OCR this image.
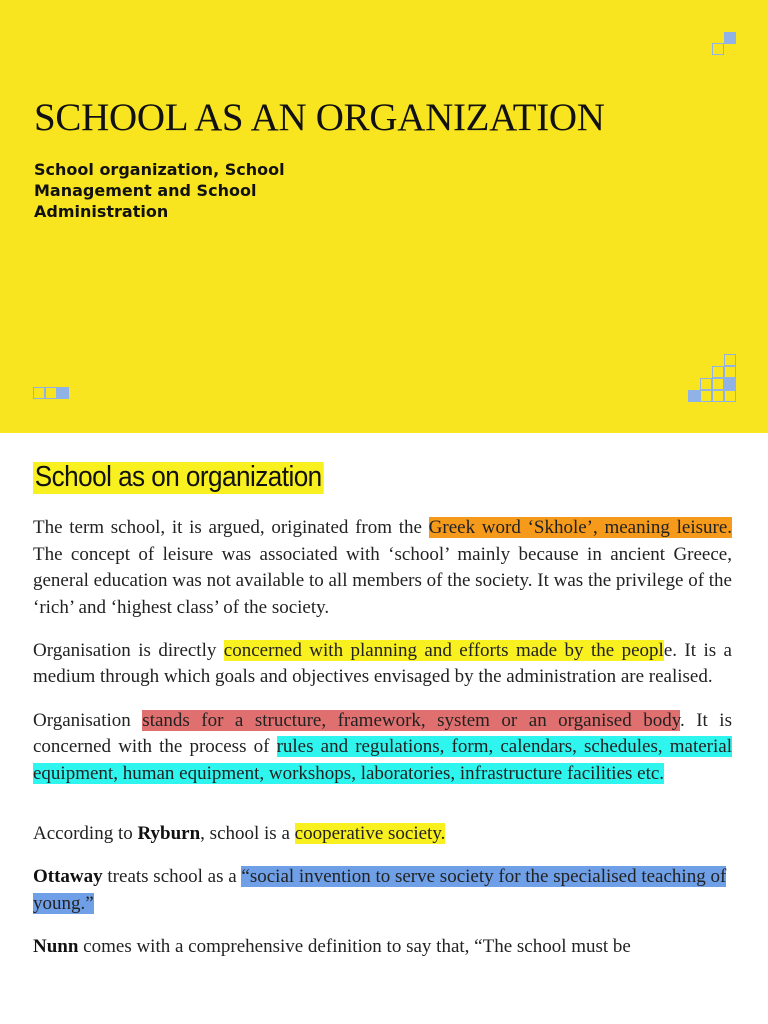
SCHOOL AS AN ORGANIZATION

School organization, School Management and School Administration

School as on organization

The term school, it is argued, originated from the Greek word ‘Skhole’, meaning leisure. The concept of leisure was associated with ‘school’ mainly because in ancient Greece, general education was not available to all members of the society. It was the privilege of the ‘rich’ and ‘highest class’ of the society.

Organisation is directly concerned with planning and efforts made by the people. It is a medium through which goals and objectives envisaged by the administration are realised.

Organisation stands for a structure, framework, system or an organised body. It is concerned with the process of rules and regulations, form, calendars, schedules, material equipment, human equipment, workshops, laboratories, infrastructure facilities etc.

According to Ryburn, school is a cooperative society.

Ottaway treats school as a “social invention to serve society for the specialised teaching of young.”

Nunn comes with a comprehensive definition to say that, “The school must be
